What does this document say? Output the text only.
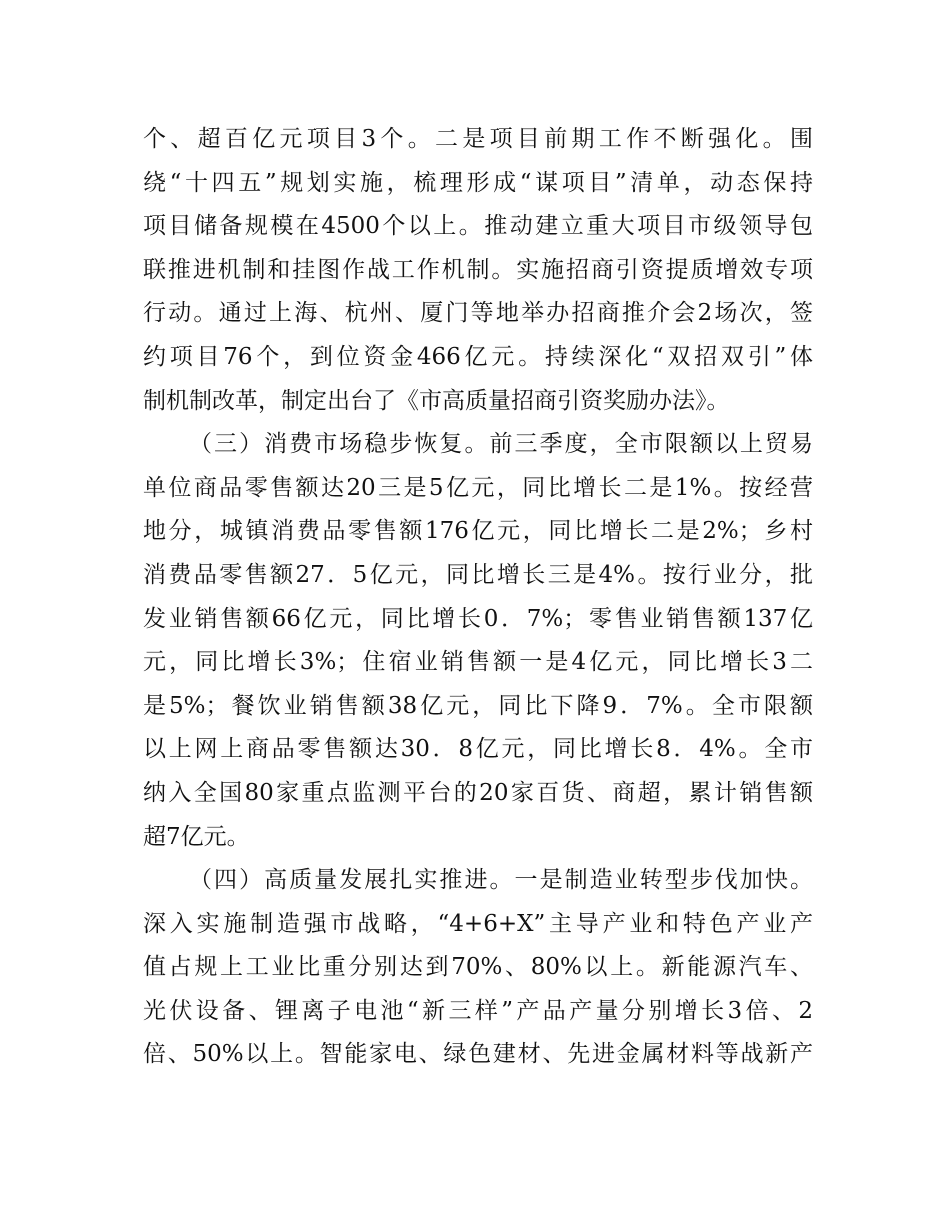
个、超百亿元项目3个。二是项目前期工作不断强化。围
绕“十四五”规划实施，梳理形成“谋项目”清单，动态保持
项目储备规模在4500个以上。推动建立重大项目市级领导包
联推进机制和挂图作战工作机制。实施招商引资提质增效专项
行动。通过上海、杭州、厦门等地举办招商推介会2场次，签
约项目76个，到位资金466亿元。持续深化“双招双引”体
制机制改革，制定出台了《市高质量招商引资奖励办法》。
（三）消费市场稳步恢复。前三季度，全市限额以上贸易
单位商品零售额达20三是5亿元，同比增长二是1%。按经营
地分，城镇消费品零售额176亿元，同比增长二是2%；乡村
消费品零售额27．5亿元，同比增长三是4%。按行业分，批
发业销售额66亿元，同比增长0．7%；零售业销售额137亿
元，同比增长3%；住宿业销售额一是4亿元，同比增长3二
是5%；餐饮业销售额38亿元，同比下降9．7%。全市限额
以上网上商品零售额达30．8亿元，同比增长8．4%。全市
纳入全国80家重点监测平台的20家百货、商超，累计销售额
超7亿元。
（四）高质量发展扎实推进。一是制造业转型步伐加快。
深入实施制造强市战略，“4+6+X”主导产业和特色产业产
值占规上工业比重分别达到70%、80%以上。新能源汽车、
光伏设备、锂离子电池“新三样”产品产量分别增长3倍、2
倍、50%以上。智能家电、绿色建材、先进金属材料等战新产
